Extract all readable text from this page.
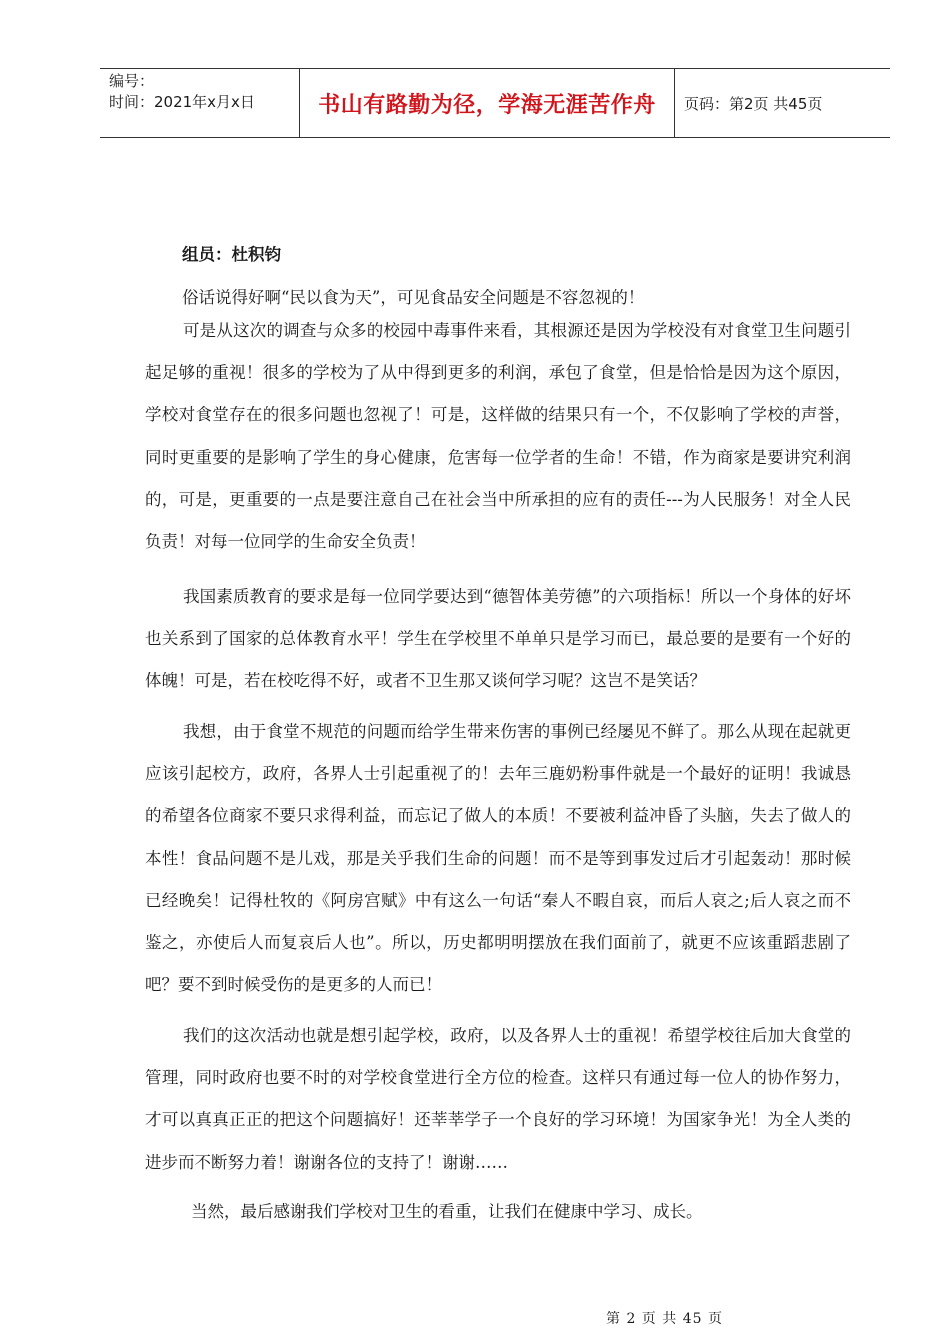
编号：
时间：2021年x月x日	书山有路勤为径，学海无涯苦作舟	页码：第2页 共45页
组员：杜积钧
俗话说得好啊“民以食为天”，可见食品安全问题是不容忽视的！
可是从这次的调查与众多的校园中毒事件来看，其根源还是因为学校没有对食堂卫生问题引起足够的重视！很多的学校为了从中得到更多的利润，承包了食堂，但是恰恰是因为这个原因，学校对食堂存在的很多问题也忽视了！可是，这样做的结果只有一个，不仅影响了学校的声誉，同时更重要的是影响了学生的身心健康，危害每一位学者的生命！不错，作为商家是要讲究利润的，可是，更重要的一点是要注意自己在社会当中所承担的应有的责任---为人民服务！对全人民负责！对每一位同学的生命安全负责！
我国素质教育的要求是每一位同学要达到“德智体美劳德”的六项指标！所以一个身体的好坏也关系到了国家的总体教育水平！学生在学校里不单单只是学习而已，最总要的是要有一个好的体魄！可是，若在校吃得不好，或者不卫生那又谈何学习呢？这岂不是笑话？
我想，由于食堂不规范的问题而给学生带来伤害的事例已经屡见不鲜了。那么从现在起就更应该引起校方，政府，各界人士引起重视了的！去年三鹿奶粉事件就是一个最好的证明！我诚恳的希望各位商家不要只求得利益，而忘记了做人的本质！不要被利益冲昏了头脑，失去了做人的本性！食品问题不是儿戏，那是关乎我们生命的问题！而不是等到事发过后才引起轰动！那时候已经晚矣！记得杜牧的《阿房宫赋》中有这么一句话“秦人不暇自哀，而后人哀之;后人哀之而不鉴之，亦使后人而复哀后人也”。所以，历史都明明摆放在我们面前了，就更不应该重蹈悲剧了吧？要不到时候受伤的是更多的人而已！
我们的这次活动也就是想引起学校，政府，以及各界人士的重视！希望学校往后加大食堂的管理，同时政府也要不时的对学校食堂进行全方位的检查。这样只有通过每一位人的协作努力，才可以真真正正的把这个问题搞好！还莘莘学子一个良好的学习环境！为国家争光！为全人类的进步而不断努力着！谢谢各位的支持了！谢谢……
当然，最后感谢我们学校对卫生的看重，让我们在健康中学习、成长。
第 2 页 共 45 页
